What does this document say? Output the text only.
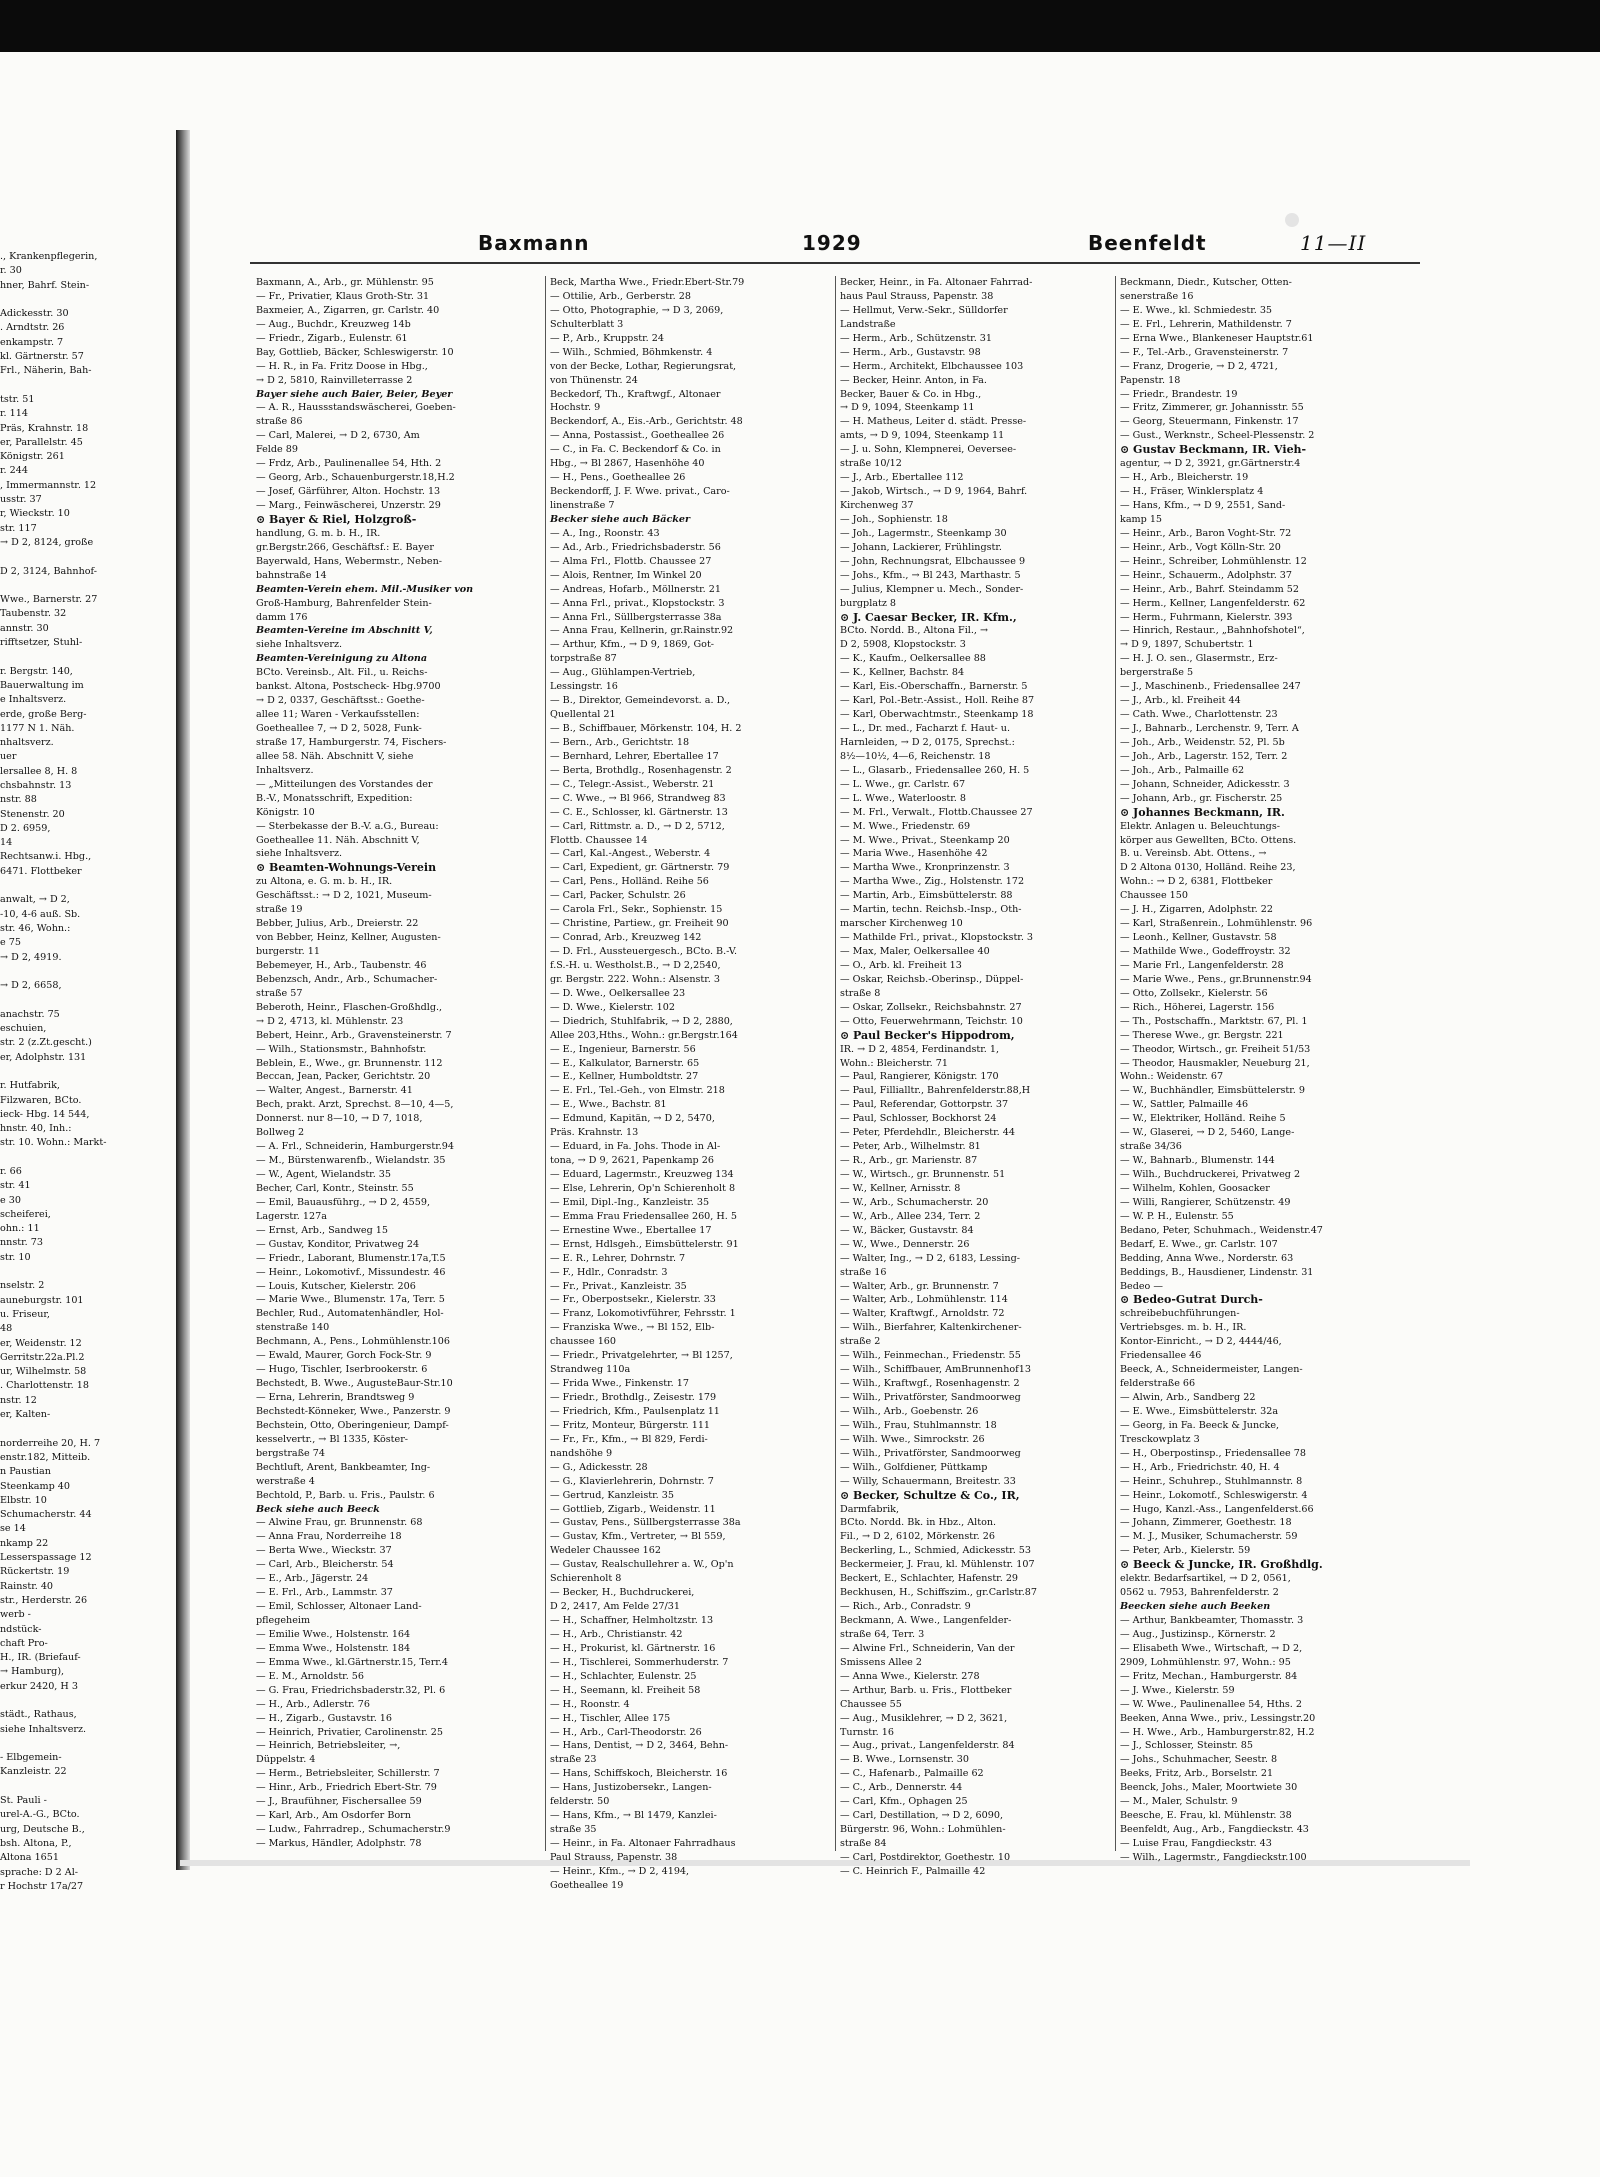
., Krankenpflegerin,
r. 30
hner, Bahrf. Stein-
Adickesstr. 30
. Arndtstr. 26
enkampstr. 7
kl. Gärtnerstr. 57
Frl., Näherin, Bah-
tstr. 51
r. 114
Präs, Krahnstr. 18
er, Parallelstr. 45
Königstr. 261
r. 244
, Immermannstr. 12
usstr. 37
r, Wieckstr. 10
str. 117
→ D 2, 8124, große
D 2, 3124, Bahnhof-
Wwe., Barnerstr. 27
Taubenstr. 32
annstr. 30
rifftsetzer, Stuhl-
r. Bergstr. 140,
Bauerwaltung im
e Inhaltsverz.
erde, große Berg-
1177 N 1. Näh.
nhaltsverz.
uer
lersallee 8, H. 8
chsbahnstr. 13
nstr. 88
Stenenstr. 20
D 2. 6959,
14
Rechtsanw.i. Hbg.,
6471. Flottbeker
anwalt, → D 2,
-10, 4-6 auß. Sb.
str. 46, Wohn.:
e 75
→ D 2, 4919.
→ D 2, 6658,
anachstr. 75
eschuien,
str. 2 (z.Zt.gescht.)
er, Adolphstr. 131
r. Hutfabrik,
Filzwaren, BCto.
ieck- Hbg. 14 544,
hnstr. 40, Inh.:
str. 10. Wohn.: Markt-
r. 66
str. 41
e 30
scheiferei,
ohn.: 11
nnstr. 73
str. 10
nselstr. 2
auneburgstr. 101
u. Friseur,
48
er, Weidenstr. 12
Gerritstr.22a.Pl.2
ur, Wilhelmstr. 58
. Charlottenstr. 18
nstr. 12
er, Kalten-
norderreihe 20, H. 7
enstr.182, Mitteib.
n Paustian
Steenkamp 40
Elbstr. 10
Schumacherstr. 44
se 14
nkamp 22
Lesserspassage 12
Rückertstr. 19
Rainstr. 40
str., Herderstr. 26
werb -
ndstück-
chaft Pro-
H., IR. (Briefauf-
→ Hamburg),
erkur 2420, H 3
städt., Rathaus,
siehe Inhaltsverz.
- Elbgemein-
Kanzleistr. 22
St. Pauli -
urel-A.-G., BCto.
urg, Deutsche B.,
bsh. Altona, P.,
Altona 1651
sprache: D 2 Al-
r Hochstr 17a/27
Baxmann	1929	Beenfeldt	11—II
Baxmann, A., Arb., gr. Mühlenstr. 95
— Fr., Privatier, Klaus Groth-Str. 31
Baxmeier, A., Zigarren, gr. Carlstr. 40
— Aug., Buchdr., Kreuzweg 14b
— Friedr., Zigarb., Eulenstr. 61
Bay, Gottlieb, Bäcker, Schleswigerstr. 10
— H. R., in Fa. Fritz Doose in Hbg.,
→ D 2, 5810, Rainvilleterrasse 2
Bayer siehe auch Baier, Beier, Beyer
— A. R., Haussstandswäscherei, Goeben-
straße 86
— Carl, Malerei, → D 2, 6730, Am
Felde 89
— Frdz, Arb., Paulinenallee 54, Hth. 2
— Georg, Arb., Schauenburgerstr.18,H.2
— Josef, Gärführer, Alton. Hochstr. 13
— Marg., Feinwäscherei, Unzerstr. 29
⊙ Bayer & Riel, Holzgroß-
handlung, G. m. b. H., IR.
gr.Bergstr.266, Geschäftsf.: E. Bayer
Bayerwald, Hans, Webermstr., Neben-
bahnstraße 14
Beamten-Verein ehem. Mil.-Musiker von
Groß-Hamburg, Bahrenfelder Stein-
damm 176
Beamten-Vereine im Abschnitt V,
siehe Inhaltsverz.
Beamten-Vereinigung zu Altona
BCto. Vereinsb., Alt. Fil., u. Reichs-
bankst. Altona, Postscheck- Hbg.9700
→ D 2, 0337, Geschäftsst.: Goethe-
allee 11; Waren - Verkaufsstellen:
Goetheallee 7, → D 2, 5028, Funk-
straße 17, Hamburgerstr. 74, Fischers-
allee 58. Näh. Abschnitt V, siehe
Inhaltsverz.
— „Mitteilungen des Vorstandes der
B.-V., Monatsschrift, Expedition:
Königstr. 10
— Sterbekasse der B.-V. a.G., Bureau:
Goetheallee 11. Näh. Abschnitt V,
siehe Inhaltsverz.
⊙ Beamten-Wohnungs-Verein
zu Altona, e. G. m. b. H., IR.
Geschäftsst.: → D 2, 1021, Museum-
straße 19
Bebber, Julius, Arb., Dreierstr. 22
von Bebber, Heinz, Kellner, Augusten-
burgerstr. 11
Bebemeyer, H., Arb., Taubenstr. 46
Bebenzsch, Andr., Arb., Schumacher-
straße 57
Beberoth, Heinr., Flaschen-Großhdlg.,
→ D 2, 4713, kl. Mühlenstr. 23
Bebert, Heinr., Arb., Gravensteinerstr. 7
— Wilh., Stationsmstr., Bahnhofstr.
Beblein, E., Wwe., gr. Brunnenstr. 112
Beccan, Jean, Packer, Gerichtstr. 20
— Walter, Angest., Barnerstr. 41
Bech, prakt. Arzt, Sprechst. 8—10, 4—5,
Donnerst. nur 8—10, → D 7, 1018,
Bollweg 2
— A. Frl., Schneiderin, Hamburgerstr.94
— M., Bürstenwarenfb., Wielandstr. 35
— W., Agent, Wielandstr. 35
Becher, Carl, Kontr., Steinstr. 55
— Emil, Bauausführg., → D 2, 4559,
Lagerstr. 127a
— Ernst, Arb., Sandweg 15
— Gustav, Konditor, Privatweg 24
— Friedr., Laborant, Blumenstr.17a,T.5
— Heinr., Lokomotivf., Missundestr. 46
— Louis, Kutscher, Kielerstr. 206
— Marie Wwe., Blumenstr. 17a, Terr. 5
Bechler, Rud., Automatenhändler, Hol-
stenstraße 140
Bechmann, A., Pens., Lohmühlenstr.106
— Ewald, Maurer, Gorch Fock-Str. 9
— Hugo, Tischler, Iserbrookerstr. 6
Bechstedt, B. Wwe., AugusteBaur-Str.10
— Erna, Lehrerin, Brandtsweg 9
Bechstedt-Könneker, Wwe., Panzerstr. 9
Bechstein, Otto, Oberingenieur, Dampf-
kesselvertr., → Bl 1335, Köster-
bergstraße 74
Bechtluft, Arent, Bankbeamter, Ing-
werstraße 4
Bechtold, P., Barb. u. Fris., Paulstr. 6
Beck siehe auch Beeck
— Alwine Frau, gr. Brunnenstr. 68
— Anna Frau, Norderreihe 18
— Berta Wwe., Wieckstr. 37
— Carl, Arb., Bleicherstr. 54
— E., Arb., Jägerstr. 24
— E. Frl., Arb., Lammstr. 37
— Emil, Schlosser, Altonaer Land-
pflegeheim
— Emilie Wwe., Holstenstr. 164
— Emma Wwe., Holstenstr. 184
— Emma Wwe., kl.Gärtnerstr.15, Terr.4
— E. M., Arnoldstr. 56
— G. Frau, Friedrichsbaderstr.32, Pl. 6
— H., Arb., Adlerstr. 76
— H., Zigarb., Gustavstr. 16
— Heinrich, Privatier, Carolinenstr. 25
— Heinrich, Betriebsleiter, →,
Düppelstr. 4
— Herm., Betriebsleiter, Schillerstr. 7
— Hinr., Arb., Friedrich Ebert-Str. 79
— J., Braufühner, Fischersallee 59
— Karl, Arb., Am Osdorfer Born
— Ludw., Fahrradrep., Schumacherstr.9
— Markus, Händler, Adolphstr. 78
Beck, Martha Wwe., Friedr.Ebert-Str.79
— Ottilie, Arb., Gerberstr. 28
— Otto, Photographie, → D 3, 2069,
Schulterblatt 3
— P., Arb., Kruppstr. 24
— Wilh., Schmied, Böhmkenstr. 4
von der Becke, Lothar, Regierungsrat,
von Thünenstr. 24
Beckedorf, Th., Kraftwgf., Altonaer
Hochstr. 9
Beckendorf, A., Eis.-Arb., Gerichtstr. 48
— Anna, Postassist., Goetheallee 26
— C., in Fa. C. Beckendorf & Co. in
Hbg., → Bl 2867, Hasenhöhe 40
— H., Pens., Goetheallee 26
Beckendorff, J. F. Wwe. privat., Caro-
linenstraße 7
Becker siehe auch Bäcker
— A., Ing., Roonstr. 43
— Ad., Arb., Friedrichsbaderstr. 56
— Alma Frl., Flottb. Chaussee 27
— Alois, Rentner, Im Winkel 20
— Andreas, Hofarb., Möllnerstr. 21
— Anna Frl., privat., Klopstockstr. 3
— Anna Frl., Süllbergsterrasse 38a
— Anna Frau, Kellnerin, gr.Rainstr.92
— Arthur, Kfm., → D 9, 1869, Got-
torpstraße 87
— Aug., Glühlampen-Vertrieb,
Lessingstr. 16
— B., Direktor, Gemeindevorst. a. D.,
Quellental 21
— B., Schiffbauer, Mörkenstr. 104, H. 2
— Bern., Arb., Gerichtstr. 18
— Bernhard, Lehrer, Ebertallee 17
— Berta, Brothdlg., Rosenhagenstr. 2
— C., Telegr.-Assist., Weberstr. 21
— C. Wwe., → Bl 966, Strandweg 83
— C. E., Schlosser, kl. Gärtnerstr. 13
— Carl, Rittmstr. a. D., → D 2, 5712,
Flottb. Chaussee 14
— Carl, Kal.-Angest., Weberstr. 4
— Carl, Expedient, gr. Gärtnerstr. 79
— Carl, Pens., Holländ. Reihe 56
— Carl, Packer, Schulstr. 26
— Carola Frl., Sekr., Sophienstr. 15
— Christine, Partiew., gr. Freiheit 90
— Conrad, Arb., Kreuzweg 142
— D. Frl., Aussteuergesch., BCto. B.-V.
f.S.-H. u. Westholst.B., → D 2,2540,
gr. Bergstr. 222. Wohn.: Alsenstr. 3
— D. Wwe., Oelkersallee 23
— D. Wwe., Kielerstr. 102
— Diedrich, Stuhlfabrik, → D 2, 2880,
Allee 203,Hths., Wohn.: gr.Bergstr.164
— E., Ingenieur, Barnerstr. 56
— E., Kalkulator, Barnerstr. 65
— E., Kellner, Humboldtstr. 27
— E. Frl., Tel.-Geh., von Elmstr. 218
— E., Wwe., Bachstr. 81
— Edmund, Kapitän, → D 2, 5470,
Präs. Krahnstr. 13
— Eduard, in Fa. Johs. Thode in Al-
tona, → D 9, 2621, Papenkamp 26
— Eduard, Lagermstr., Kreuzweg 134
— Else, Lehrerin, Op'n Schierenholt 8
— Emil, Dipl.-Ing., Kanzleistr. 35
— Emma Frau Friedensallee 260, H. 5
— Ernestine Wwe., Ebertallee 17
— Ernst, Hdlsgeh., Eimsbüttelerstr. 91
— E. R., Lehrer, Dohrnstr. 7
— F., Hdlr., Conradstr. 3
— Fr., Privat., Kanzleistr. 35
— Fr., Oberpostsekr., Kielerstr. 33
— Franz, Lokomotivführer, Fehrsstr. 1
— Franziska Wwe., → Bl 152, Elb-
chaussee 160
— Friedr., Privatgelehrter, → Bl 1257,
Strandweg 110a
— Frida Wwe., Finkenstr. 17
— Friedr., Brothdlg., Zeisestr. 179
— Friedrich, Kfm., Paulsenplatz 11
— Fritz, Monteur, Bürgerstr. 111
— Fr., Fr., Kfm., → Bl 829, Ferdi-
nandshöhe 9
— G., Adickesstr. 28
— G., Klavierlehrerin, Dohrnstr. 7
— Gertrud, Kanzleistr. 35
— Gottlieb, Zigarb., Weidenstr. 11
— Gustav, Pens., Süllbergsterrasse 38a
— Gustav, Kfm., Vertreter, → Bl 559,
Wedeler Chaussee 162
— Gustav, Realschullehrer a. W., Op'n
Schierenholt 8
— Becker, H., Buchdruckerei,
D 2, 2417, Am Felde 27/31
— H., Schaffner, Helmholtzstr. 13
— H., Arb., Christianstr. 42
— H., Prokurist, kl. Gärtnerstr. 16
— H., Tischlerei, Sommerhuderstr. 7
— H., Schlachter, Eulenstr. 25
— H., Seemann, kl. Freiheit 58
— H., Roonstr. 4
— H., Tischler, Allee 175
— H., Arb., Carl-Theodorstr. 26
— Hans, Dentist, → D 2, 3464, Behn-
straße 23
— Hans, Schiffskoch, Bleicherstr. 16
— Hans, Justizobersekr., Langen-
felderstr. 50
— Hans, Kfm., → Bl 1479, Kanzlei-
straße 35
— Heinr., in Fa. Altonaer Fahrradhaus
Paul Strauss, Papenstr. 38
— Heinr., Kfm., → D 2, 4194,
Goetheallee 19
Becker, Heinr., in Fa. Altonaer Fahrrad-
haus Paul Strauss, Papenstr. 38
— Hellmut, Verw.-Sekr., Sülldorfer
Landstraße
— Herm., Arb., Schützenstr. 31
— Herm., Arb., Gustavstr. 98
— Herm., Architekt, Elbchaussee 103
— Becker, Heinr. Anton, in Fa.
Becker, Bauer & Co. in Hbg.,
→ D 9, 1094, Steenkamp 11
— H. Matheus, Leiter d. städt. Presse-
amts, → D 9, 1094, Steenkamp 11
— J. u. Sohn, Klempnerei, Oeverseе-
straße 10/12
— J., Arb., Ebertallee 112
— Jakob, Wirtsch., → D 9, 1964, Bahrf.
Kirchenweg 37
— Joh., Sophienstr. 18
— Joh., Lagermstr., Steenkamp 30
— Johann, Lackierer, Frühlingstr.
— John, Rechnungsrat, Elbchaussee 9
— Johs., Kfm., → Bl 243, Marthastr. 5
— Julius, Klempner u. Mech., Sonder-
burgplatz 8
⊙ J. Caesar Becker, IR. Kfm.,
BCto. Nordd. B., Altona Fil., →
D 2, 5908, Klopstockstr. 3
— K., Kaufm., Oelkersallee 88
— K., Kellner, Bachstr. 84
— Karl, Eis.-Oberschaffn., Barnerstr. 5
— Karl, Pol.-Betr.-Assist., Holl. Reihe 87
— Karl, Oberwachtmstr., Steenkamp 18
— L., Dr. med., Facharzt f. Haut- u.
Harnleiden, → D 2, 0175, Sprechst.:
8½—10½, 4—6, Reichenstr. 18
— L., Glasarb., Friedensallee 260, H. 5
— L. Wwe., gr. Carlstr. 67
— L. Wwe., Waterloostr. 8
— M. Frl., Verwalt., Flottb.Chaussee 27
— M. Wwe., Friedenstr. 69
— M. Wwe., Privat., Steenkamp 20
— Maria Wwe., Hasenhöhe 42
— Martha Wwe., Kronprinzenstr. 3
— Martha Wwe., Zig., Holstenstr. 172
— Martin, Arb., Eimsbüttelerstr. 88
— Martin, techn. Reichsb.-Insp., Oth-
marscher Kirchenweg 10
— Mathilde Frl., privat., Klopstockstr. 3
— Max, Maler, Oelkersallee 40
— O., Arb. kl. Freiheit 13
— Oskar, Reichsb.-Oberinsp., Düppel-
straße 8
— Oskar, Zollsekr., Reichsbahnstr. 27
— Otto, Feuerwehrmann, Teichstr. 10
⊙ Paul Becker's Hippodrom,
IR. → D 2, 4854, Ferdinandstr. 1,
Wohn.: Bleicherstr. 71
— Paul, Rangierer, Königstr. 170
— Paul, Fillialltr., Bahrenfelderstr.88,H
— Paul, Referendar, Gottorpstr. 37
— Paul, Schlosser, Bockhorst 24
— Peter, Pferdehdlr., Bleicherstr. 44
— Peter, Arb., Wilhelmstr. 81
— R., Arb., gr. Marienstr. 87
— W., Wirtsch., gr. Brunnenstr. 51
— W., Kellner, Arnisstr. 8
— W., Arb., Schumacherstr. 20
— W., Arb., Allee 234, Terr. 2
— W., Bäcker, Gustavstr. 84
— W., Wwe., Dennerstr. 26
— Walter, Ing., → D 2, 6183, Lessing-
straße 16
— Walter, Arb., gr. Brunnenstr. 7
— Walter, Arb., Lohmühlenstr. 114
— Walter, Kraftwgf., Arnoldstr. 72
— Wilh., Bierfahrer, Kaltenkirchener-
straße 2
— Wilh., Feinmechan., Friedenstr. 55
— Wilh., Schiffbauer, AmBrunnenhof13
— Wilh., Kraftwgf., Rosenhagenstr. 2
— Wilh., Privatförster, Sandmoorweg
— Wilh., Arb., Goebenstr. 26
— Wilh., Frau, Stuhlmannstr. 18
— Wilh. Wwe., Simrockstr. 26
— Wilh., Privatförster, Sandmoorweg
— Wilh., Golfdiener, Püttkamp
— Willy, Schauermann, Breitestr. 33
⊙ Becker, Schultze & Co., IR,
Darmfabrik,
BCto. Nordd. Bk. in Hbz., Alton.
Fil., → D 2, 6102, Mörkenstr. 26
Beckerling, L., Schmied, Adickesstr. 53
Beckermeier, J. Frau, kl. Mühlenstr. 107
Beckert, E., Schlachter, Hafenstr. 29
Beckhusen, H., Schiffszim., gr.Carlstr.87
— Rich., Arb., Conradstr. 9
Beckmann, A. Wwe., Langenfelder-
straße 64, Terr. 3
— Alwine Frl., Schneiderin, Van der
Smissens Allee 2
— Anna Wwe., Kielerstr. 278
— Arthur, Barb. u. Fris., Flottbeker
Chaussee 55
— Aug., Musiklehrer, → D 2, 3621,
Turnstr. 16
— Aug., privat., Langenfelderstr. 84
— B. Wwe., Lornsenstr. 30
— C., Hafenarb., Palmaille 62
— C., Arb., Dennerstr. 44
— Carl, Kfm., Ophagen 25
— Carl, Destillation, → D 2, 6090,
Bürgerstr. 96, Wohn.: Lohmühlen-
straße 84
— Carl, Postdirektor, Goethestr. 10
— C. Heinrich F., Palmaille 42
Beckmann, Diedr., Kutscher, Otten-
senerstraße 16
— E. Wwe., kl. Schmiedestr. 35
— E. Frl., Lehrerin, Mathildenstr. 7
— Erna Wwe., Blankeneser Hauptstr.61
— F., Tel.-Arb., Gravensteinerstr. 7
— Franz, Drogerie, → D 2, 4721,
Papenstr. 18
— Friedr., Brandestr. 19
— Fritz, Zimmerer, gr. Johannisstr. 55
— Georg, Steuermann, Finkenstr. 17
— Gust., Werknstr., Scheel-Plessenstr. 2
⊙ Gustav Beckmann, IR. Vieh-
agentur, → D 2, 3921, gr.Gärtnerstr.4
— H., Arb., Bleicherstr. 19
— H., Fräser, Winklersplatz 4
— Hans, Kfm., → D 9, 2551, Sand-
kamp 15
— Heinr., Arb., Baron Voght-Str. 72
— Heinr., Arb., Vogt Kölln-Str. 20
— Heinr., Schreiber, Lohmühlenstr. 12
— Heinr., Schauerm., Adolphstr. 37
— Heinr., Arb., Bahrf. Steindamm 52
— Herm., Kellner, Langenfelderstr. 62
— Herm., Fuhrmann, Kielerstr. 393
— Hinrich, Restaur., „Bahnhofshotel“,
→ D 9, 1897, Schubertstr. 1
— H. J. O. sen., Glasermstr., Erz-
bergerstraße 5
— J., Maschinenb., Friedensallee 247
— J., Arb., kl. Freiheit 44
— Cath. Wwe., Charlottenstr. 23
— J., Bahnarb., Lerchenstr. 9, Terr. A
— Joh., Arb., Weidenstr. 52, Pl. 5b
— Joh., Arb., Lagerstr. 152, Terr. 2
— Joh., Arb., Palmaille 62
— Johann, Schneider, Adickesstr. 3
— Johann, Arb., gr. Fischerstr. 25
⊙ Johannes Beckmann, IR.
Elektr. Anlagen u. Beleuchtungs-
körper aus Gewellten, BCto. Ottens.
B. u. Vereinsb. Abt. Ottens., →
D 2 Altona 0130, Holländ. Reihe 23,
Wohn.: → D 2, 6381, Flottbeker
Chaussee 150
— J. H., Zigarren, Adolphstr. 22
— Karl, Straßenrein., Lohmühlenstr. 96
— Leonh., Kellner, Gustavstr. 58
— Mathilde Wwe., Godeffroystr. 32
— Marie Frl., Langenfelderstr. 28
— Marie Wwe., Pens., gr.Brunnenstr.94
— Otto, Zollsekr., Kielerstr. 56
— Rich., Höherei, Lagerstr. 156
— Th., Postschaffn., Marktstr. 67, Pl. 1
— Therese Wwe., gr. Bergstr. 221
— Theodor, Wirtsch., gr. Freiheit 51/53
— Theodor, Hausmakler, Neueburg 21,
Wohn.: Weidenstr. 67
— W., Buchhändler, Eimsbüttelerstr. 9
— W., Sattler, Palmaille 46
— W., Elektriker, Holländ. Reihe 5
— W., Glaserei, → D 2, 5460, Lange-
straße 34/36
— W., Bahnarb., Blumenstr. 144
— Wilh., Buchdruckerei, Privatweg 2
— Wilhelm, Kohlen, Goosacker
— Willi, Rangierer, Schützenstr. 49
— W. P. H., Eulenstr. 55
Bedano, Peter, Schuhmach., Weidenstr.47
Bedarf, E. Wwe., gr. Carlstr. 107
Bedding, Anna Wwe., Norderstr. 63
Beddings, B., Hausdiener, Lindenstr. 31
Bedeo —
⊙ Bedeo-Gutrat Durch-
schreibebuchführungen-
Vertriebsges. m. b. H., IR.
Kontor-Einricht., → D 2, 4444/46,
Friedensallee 46
Beeck, A., Schneidermeister, Langen-
felderstraße 66
— Alwin, Arb., Sandberg 22
— E. Wwe., Eimsbüttelerstr. 32a
— Georg, in Fa. Beeck & Juncke,
Tresckowplatz 3
— H., Oberpostinsp., Friedensallee 78
— H., Arb., Friedrichstr. 40, H. 4
— Heinr., Schuhrep., Stuhlmannstr. 8
— Heinr., Lokomotf., Schleswigerstr. 4
— Hugo, Kanzl.-Ass., Langenfelderst.66
— Johann, Zimmerer, Goethestr. 18
— M. J., Musiker, Schumacherstr. 59
— Peter, Arb., Kielerstr. 59
⊙ Beeck & Juncke, IR. Großhdlg.
elektr. Bedarfsartikel, → D 2, 0561,
0562 u. 7953, Bahrenfelderstr. 2
Beecken siehe auch Beeken
— Arthur, Bankbeamter, Thomasstr. 3
— Aug., Justizinsp., Körnerstr. 2
— Elisabeth Wwe., Wirtschaft, → D 2,
2909, Lohmühlenstr. 97, Wohn.: 95
— Fritz, Mechan., Hamburgerstr. 84
— J. Wwe., Kielerstr. 59
— W. Wwe., Paulinenallee 54, Hths. 2
Beeken, Anna Wwe., priv., Lessingstr.20
— H. Wwe., Arb., Hamburgerstr.82, H.2
— J., Schlosser, Steinstr. 85
— Johs., Schuhmacher, Seestr. 8
Beeks, Fritz, Arb., Borselstr. 21
Beenck, Johs., Maler, Moortwiete 30
— M., Maler, Schulstr. 9
Beesche, E. Frau, kl. Mühlenstr. 38
Beenfeldt, Aug., Arb., Fangdieckstr. 43
— Luise Frau, Fangdieckstr. 43
— Wilh., Lagermstr., Fangdieckstr.100
